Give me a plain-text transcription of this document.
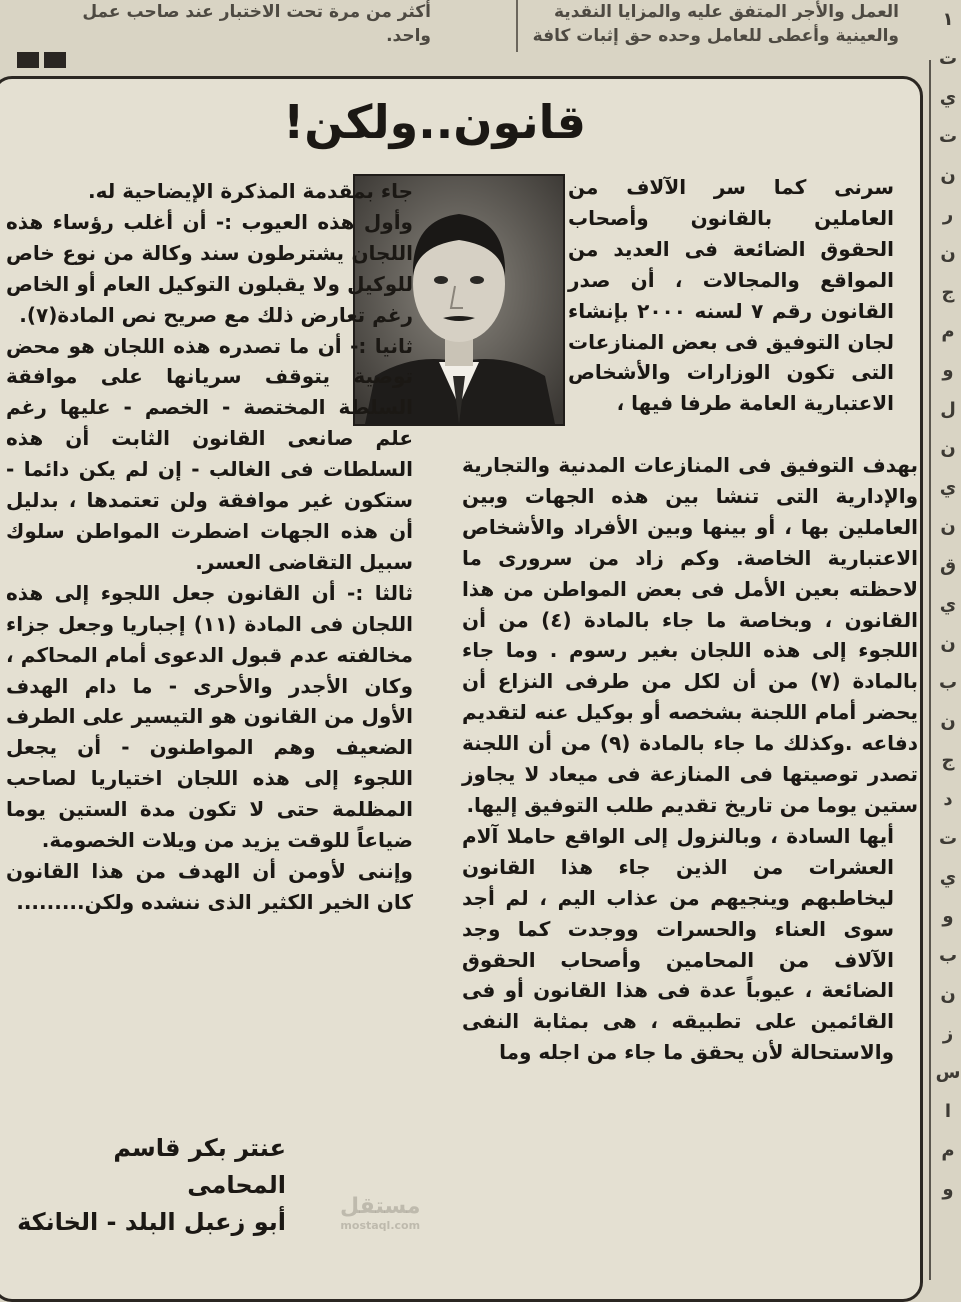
العمل والأجر المتفق عليه والمزايا النقدية

والعينية وأعطى للعامل وحده حق إثبات كافة

أكثر من مرة تحت الاختبار عند صاحب عمل

واحد.

١
ت
ي
ت
ن
ر
ن
ج
م
و
ل
ن
ي
ن
ق
ي
ن
ب
ن
ج
د
ت
ي
و
ب
ن
ز
س
ا
م
و
قانون..ولكن!

سرنى كما سر الآلاف من العاملين بالقانون وأصحاب الحقوق الضائعة فى العديد من المواقع والمجالات ، أن صدر القانون رقم ٧ لسنه ٢٠٠٠ بإنشاء لجان التوفيق فى بعض المنازعات التى تكون الوزارات والأشخاص الاعتبارية العامة طرفا فيها ،

بهدف التوفيق فى المنازعات المدنية والتجارية والإدارية التى تنشا بين هذه الجهات وبين العاملين بها ، أو بينها وبين الأفراد والأشخاص الاعتبارية الخاصة. وكم زاد من سرورى ما لاحظته بعين الأمل فى بعض المواطن من هذا القانون ، وبخاصة ما جاء بالمادة (٤) من أن اللجوء إلى هذه اللجان بغير رسوم . وما جاء بالمادة (٧) من أن لكل من طرفى النزاع أن يحضر أمام اللجنة بشخصه أو بوكيل عنه لتقديم دفاعه .وكذلك ما جاء بالمادة (٩) من أن اللجنة تصدر توصيتها فى المنازعة فى ميعاد لا يجاوز ستين يوما من تاريخ تقديم طلب التوفيق إليها.

أيها السادة ، وبالنزول إلى الواقع حاملا آلام العشرات من الذين جاء هذا القانون ليخاطبهم وينجيهم من عذاب اليم ، لم أجد سوى العناء والحسرات ووجدت كما وجد الآلاف من المحامين وأصحاب الحقوق الضائعة ، عيوباً عدة فى هذا القانون أو فى القائمين على تطبيقه ، هى بمثابة النفى والاستحالة لأن يحقق ما جاء من اجله وما

جاء بمقدمة المذكرة الإيضاحية له.

وأول هذه العيوب :- أن أغلب رؤساء هذه اللجان يشترطون سند وكالة من نوع خاص للوكيل ولا يقبلون التوكيل العام أو الخاص رغم تعارض ذلك مع صريح نص المادة(٧).

ثانيا :- أن ما تصدره هذه اللجان هو محض توصية يتوقف سريانها على موافقة السلطة المختصة - الخصم - عليها رغم علم صانعى القانون الثابت أن هذه السلطات فى الغالب - إن لم يكن دائما - ستكون غير موافقة ولن تعتمدها ، بدليل أن هذه الجهات اضطرت المواطن سلوك سبيل التقاضى العسر.

ثالثا :- أن القانون جعل اللجوء إلى هذه اللجان فى المادة (١١) إجباريا وجعل جزاء مخالفته عدم قبول الدعوى أمام المحاكم ، وكان الأجدر والأحرى - ما دام الهدف الأول من القانون هو التيسير على الطرف الضعيف وهم المواطنون - أن يجعل اللجوء إلى هذه اللجان اختياريا لصاحب المظلمة حتى لا تكون مدة الستين يوما ضياعاً للوقت يزيد من ويلات الخصومة.

وإننى لأومن أن الهدف من هذا القانون كان الخير الكثير الذى ننشده ولكن.........

عنتر بكر قاسم

المحامى

أبو زعبل البلد - الخانكة

مستقل
mostaql.com
